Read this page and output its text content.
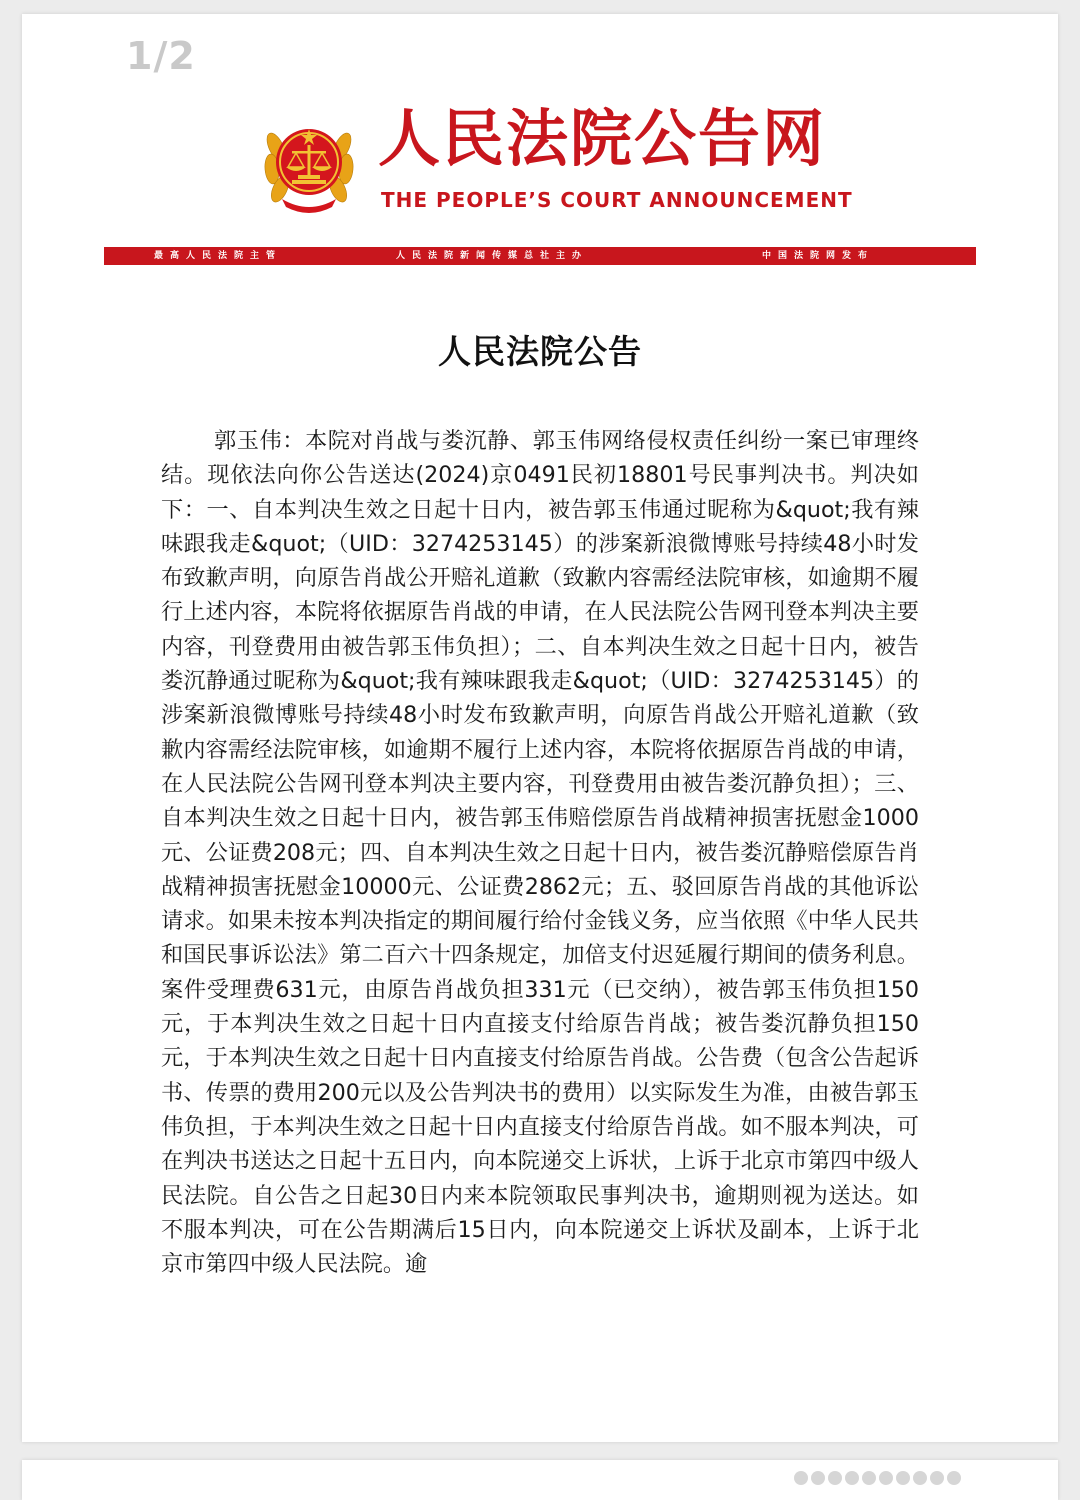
1/2
人民法院公告网
THE PEOPLE’S COURT ANNOUNCEMENT
最高人民法院主管	人民法院新闻传媒总社主办	中国法院网发布
人民法院公告
郭玉伟：本院对肖战与娄沉静、郭玉伟网络侵权责任纠纷一案已审理终结。现依法向你公告送达(2024)京0491民初18801号民事判决书。判决如下：一、自本判决生效之日起十日内，被告郭玉伟通过昵称为&quot;我有辣味跟我走&quot;（UID：3274253145）的涉案新浪微博账号持续48小时发布致歉声明，向原告肖战公开赔礼道歉（致歉内容需经法院审核，如逾期不履行上述内容，本院将依据原告肖战的申请，在人民法院公告网刊登本判决主要内容，刊登费用由被告郭玉伟负担）；二、自本判决生效之日起十日内，被告娄沉静通过昵称为&quot;我有辣味跟我走&quot;（UID：3274253145）的涉案新浪微博账号持续48小时发布致歉声明，向原告肖战公开赔礼道歉（致歉内容需经法院审核，如逾期不履行上述内容，本院将依据原告肖战的申请，在人民法院公告网刊登本判决主要内容，刊登费用由被告娄沉静负担）；三、自本判决生效之日起十日内，被告郭玉伟赔偿原告肖战精神损害抚慰金1000元、公证费208元；四、自本判决生效之日起十日内，被告娄沉静赔偿原告肖战精神损害抚慰金10000元、公证费2862元；五、驳回原告肖战的其他诉讼请求。如果未按本判决指定的期间履行给付金钱义务，应当依照《中华人民共和国民事诉讼法》第二百六十四条规定，加倍支付迟延履行期间的债务利息。案件受理费631元，由原告肖战负担331元（已交纳），被告郭玉伟负担150元，于本判决生效之日起十日内直接支付给原告肖战；被告娄沉静负担150元，于本判决生效之日起十日内直接支付给原告肖战。公告费（包含公告起诉书、传票的费用200元以及公告判决书的费用）以实际发生为准，由被告郭玉伟负担，于本判决生效之日起十日内直接支付给原告肖战。如不服本判决，可在判决书送达之日起十五日内，向本院递交上诉状，上诉于北京市第四中级人民法院。自公告之日起30日内来本院领取民事判决书，逾期则视为送达。如不服本判决，可在公告期满后15日内，向本院递交上诉状及副本，上诉于北京市第四中级人民法院。逾
